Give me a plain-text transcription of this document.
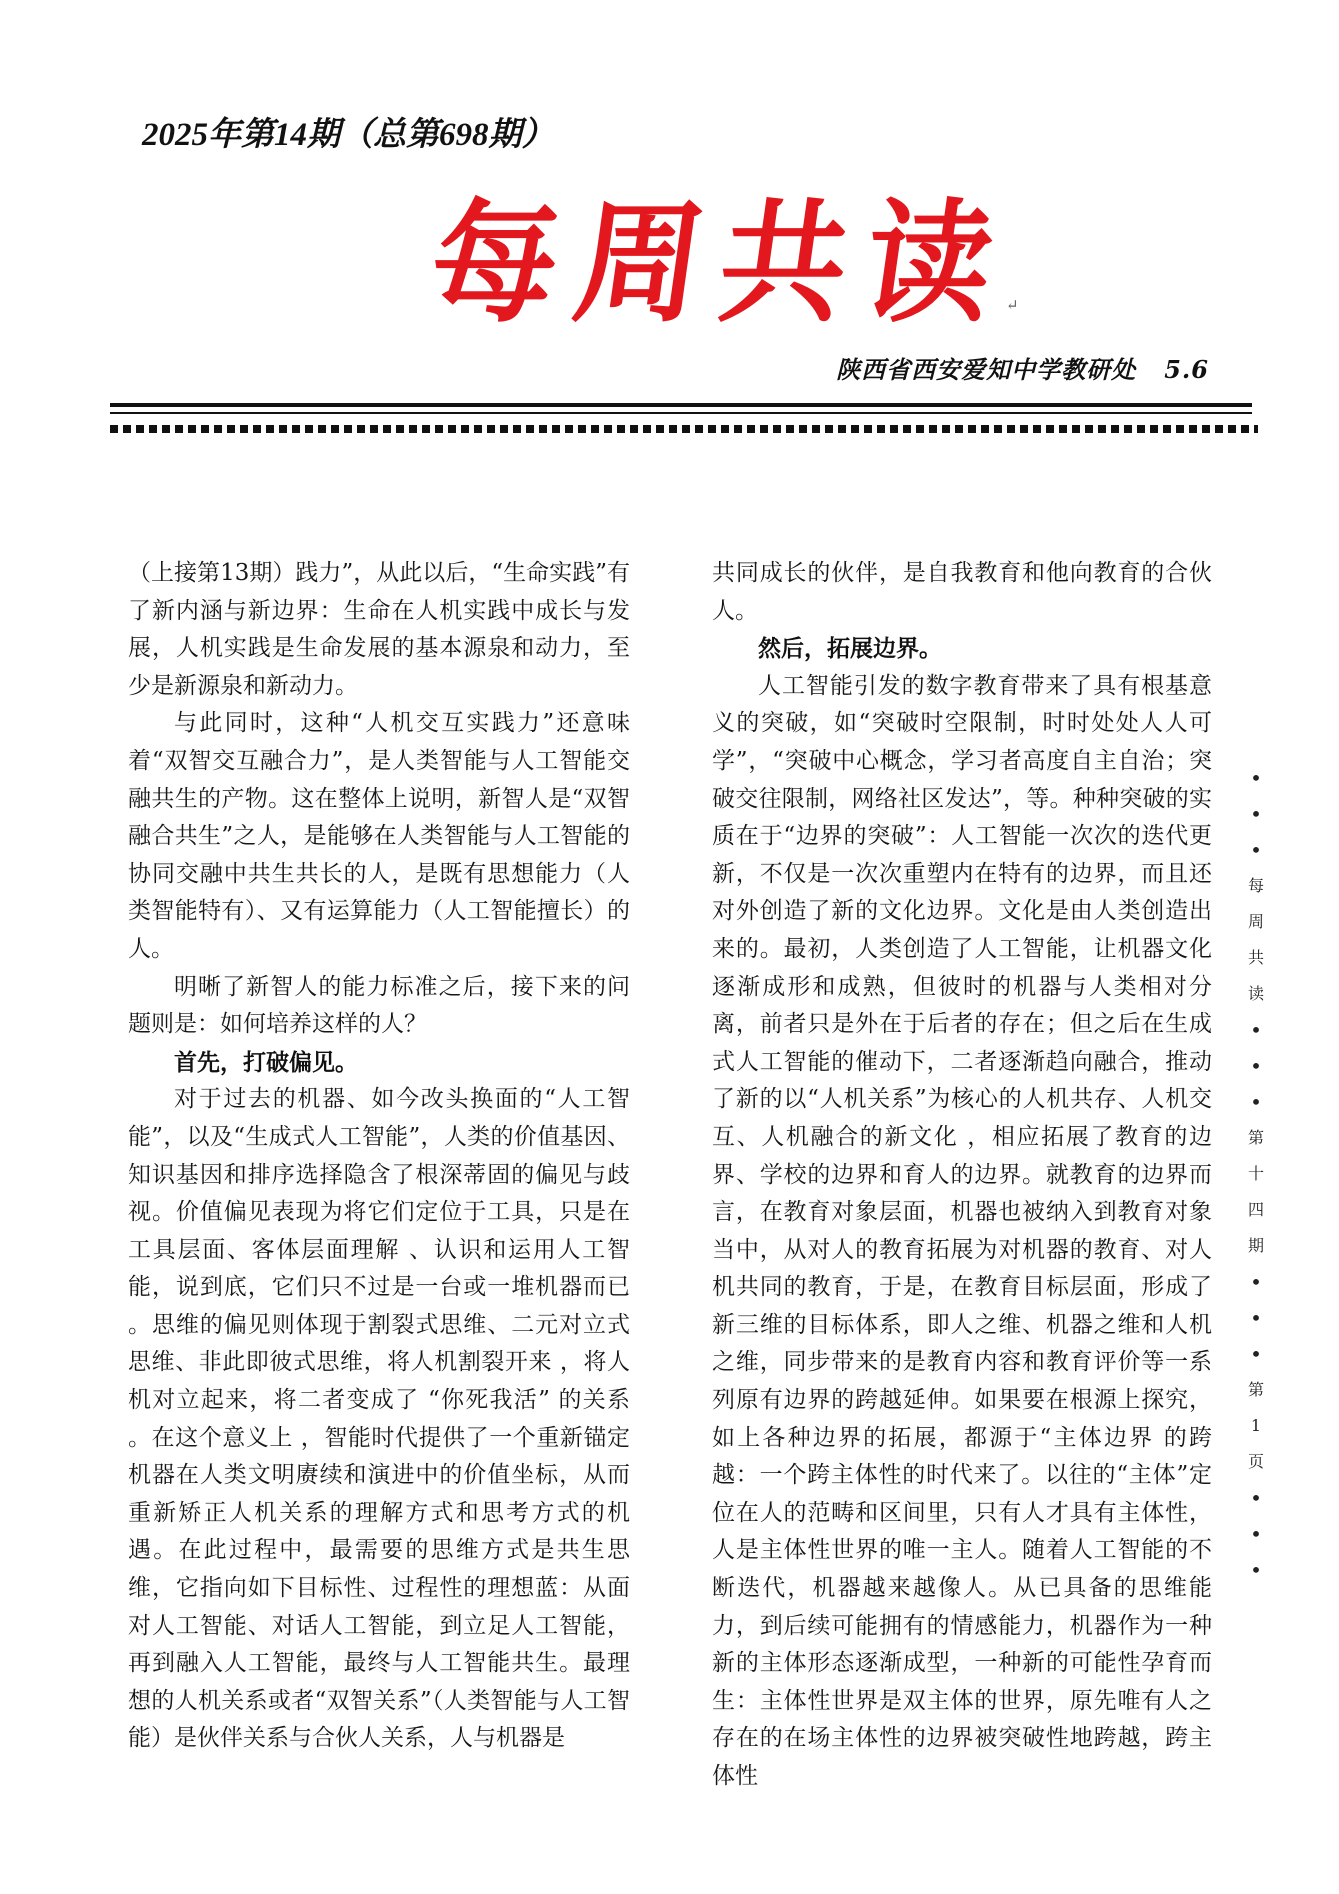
2025年第14期（总第698期）
每
周
共
读 ↵
陕西省西安爱知中学教研处   5.6

（上接第13期）践力”，从此以后，“生命实践”有了新内涵与新边界：生命在人机实践中成长与发展，人机实践是生命发展的基本源泉和动力，至少是新源泉和新动力。

与此同时，这种“人机交互实践力”还意味着“双智交互融合力”，是人类智能与人工智能交融共生的产物。这在整体上说明，新智人是“双智融合共生”之人，是能够在人类智能与人工智能的协同交融中共生共长的人，是既有思想能力（人类智能特有）、又有运算能力（人工智能擅长）的人。

明晰了新智人的能力标准之后，接下来的问题则是：如何培养这样的人？

首先，打破偏见。

对于过去的机器、如今改头换面的“人工智能”，以及“生成式人工智能”，人类的价值基因、知识基因和排序选择隐含了根深蒂固的偏见与歧视。价值偏见表现为将它们定位于工具，只是在工具层面、客体层面理解 、认识和运用人工智能，说到底，它们只不过是一台或一堆机器而已 。思维的偏见则体现于割裂式思维、二元对立式思维、非此即彼式思维，将人机割裂开来 ，将人机对立起来，将二者变成了 “你死我活” 的关系 。在这个意义上 ，智能时代提供了一个重新锚定机器在人类文明赓续和演进中的价值坐标，从而重新矫正人机关系的理解方式和思考方式的机遇。在此过程中，最需要的思维方式是共生思维，它指向如下目标性、过程性的理想蓝：从面对人工智能、对话人工智能，到立足人工智能，再到融入人工智能，最终与人工智能共生。最理想的人机关系或者“双智关系”（人类智能与人工智能）是伙伴关系与合伙人关系，人与机器是

共同成长的伙伴，是自我教育和他向教育的合伙人。

然后，拓展边界。

人工智能引发的数字教育带来了具有根基意义的突破，如“突破时空限制，时时处处人人可学”，“突破中心概念，学习者高度自主自治；突破交往限制，网络社区发达”，等。种种突破的实质在于“边界的突破”：人工智能一次次的迭代更新，不仅是一次次重塑内在特有的边界，而且还对外创造了新的文化边界。文化是由人类创造出来的。最初，人类创造了人工智能，让机器文化逐渐成形和成熟，但彼时的机器与人类相对分离，前者只是外在于后者的存在；但之后在生成式人工智能的催动下，二者逐渐趋向融合，推动了新的以“人机关系”为核心的人机共存、人机交互、人机融合的新文化 ，相应拓展了教育的边界、学校的边界和育人的边界。就教育的边界而言，在教育对象层面，机器也被纳入到教育对象当中，从对人的教育拓展为对机器的教育、对人机共同的教育，于是，在教育目标层面，形成了新三维的目标体系，即人之维、机器之维和人机之维，同步带来的是教育内容和教育评价等一系列原有边界的跨越延伸。如果要在根源上探究，如上各种边界的拓展，都源于“主体边界 的跨越：一个跨主体性的时代来了。以往的“主体”定位在人的范畴和区间里，只有人才具有主体性，人是主体性世界的唯一主人。随着人工智能的不断迭代，机器越来越像人。从已具备的思维能力，到后续可能拥有的情感能力，机器作为一种新的主体形态逐渐成型，一种新的可能性孕育而生：主体性世界是双主体的世界，原先唯有人之存在的在场主体性的边界被突破性地跨越，跨主体性

•
•
•
每
周
共
读
•
•
•
第
十
四
期
•
•
•
第
1
页
•
•
•
